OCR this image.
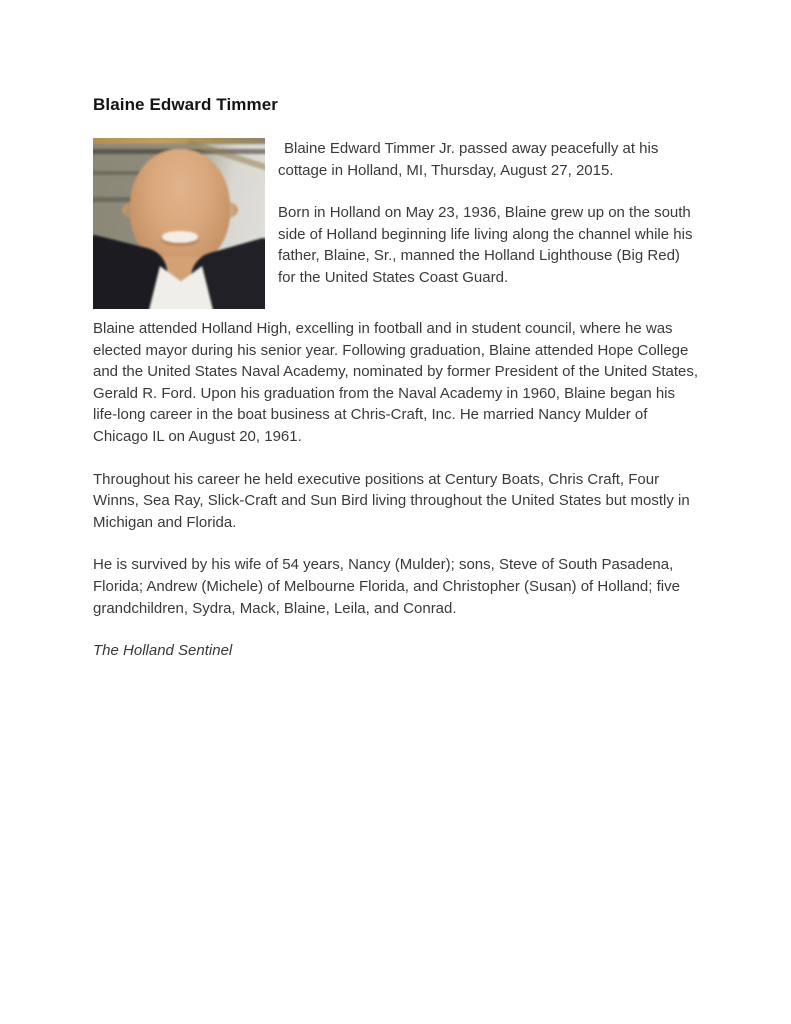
Blaine Edward Timmer

Blaine Edward Timmer Jr. passed away peacefully at his cottage in Holland, MI, Thursday, August 27, 2015.

Born in Holland on May 23, 1936, Blaine grew up on the south side of Holland beginning life living along the channel while his father, Blaine, Sr., manned the Holland Lighthouse (Big Red) for the United States Coast Guard.

Blaine attended Holland High, excelling in football and in student council, where he was elected mayor during his senior year. Following graduation, Blaine attended Hope College and the United States Naval Academy, nominated by former President of the United States, Gerald R. Ford. Upon his graduation from the Naval Academy in 1960, Blaine began his life-long career in the boat business at Chris-Craft, Inc. He married Nancy Mulder of Chicago IL on August 20, 1961.

Throughout his career he held executive positions at Century Boats, Chris Craft, Four Winns, Sea Ray, Slick-Craft and Sun Bird living throughout the United States but mostly in Michigan and Florida.

He is survived by his wife of 54 years, Nancy (Mulder); sons, Steve of South Pasadena, Florida; Andrew (Michele) of Melbourne Florida, and Christopher (Susan) of Holland; five grandchildren, Sydra, Mack, Blaine, Leila, and Conrad.

The Holland Sentinel
